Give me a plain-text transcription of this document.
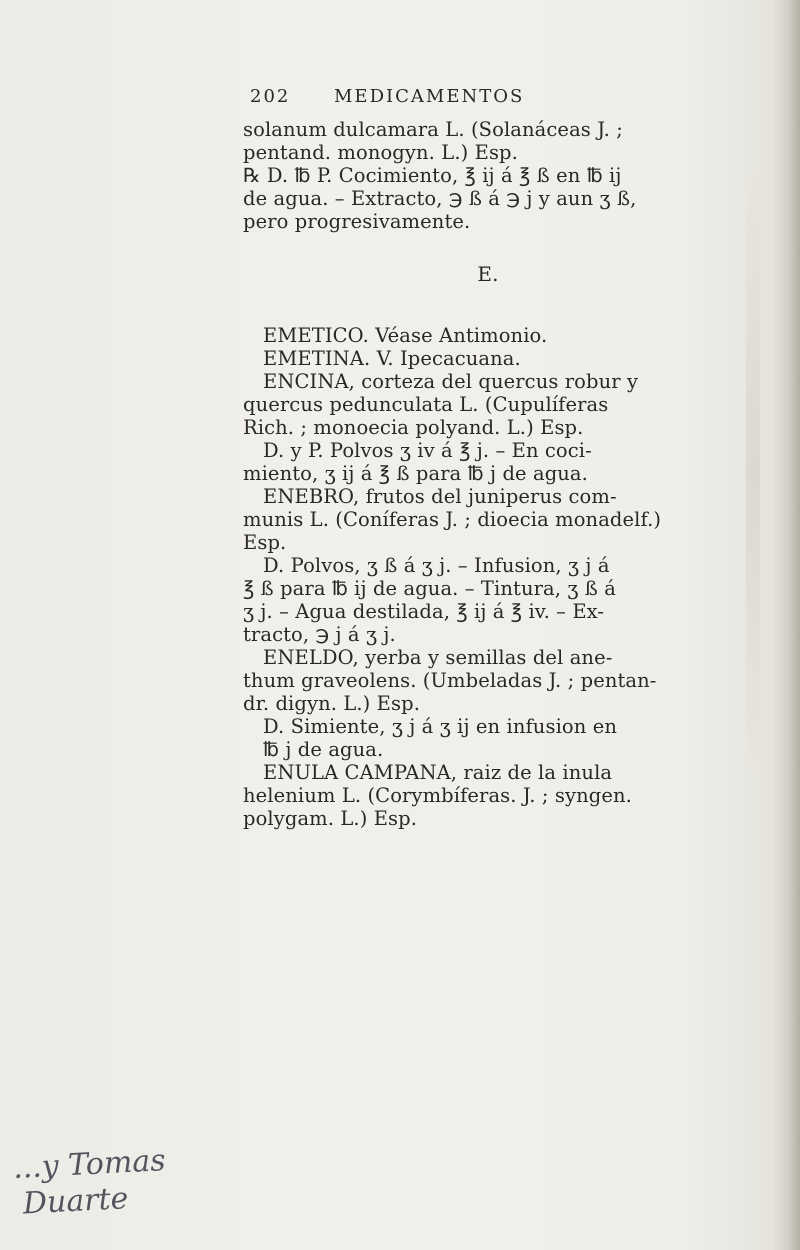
202 MEDICAMENTOS
solanum dulcamara L. (Solanáceas J. ;
pentand. monogyn. L.) Esp.
℞ D. ℔ P. Cocimiento, ℥ ij á ℥ ß en ℔ ij
de agua. – Extracto, ℈ ß á ℈ j y aun ʒ ß,
pero progresivamente.
E.
EMETICO. Véase Antimonio.
EMETINA. V. Ipecacuana.
ENCINA, corteza del quercus robur y
quercus pedunculata L. (Cupulíferas
Rich. ; monoecia polyand. L.) Esp.
D. y P. Polvos ʒ iv á ℥ j. – En coci-
miento, ʒ ij á ℥ ß para ℔ j de agua.
ENEBRO, frutos del juniperus com-
munis L. (Coníferas J. ; dioecia monadelf.)
Esp.
D. Polvos, ʒ ß á ʒ j. – Infusion, ʒ j á
℥ ß para ℔ ij de agua. – Tintura, ʒ ß á
ʒ j. – Agua destilada, ℥ ij á ℥ iv. – Ex-
tracto, ℈ j á ʒ j.
ENELDO, yerba y semillas del ane-
thum graveolens. (Umbeladas J. ; pentan-
dr. digyn. L.) Esp.
D. Simiente, ʒ j á ʒ ij en infusion en
℔ j de agua.
ENULA CAMPANA, raiz de la inula
helenium L. (Corymbíferas. J. ; syngen.
polygam. L.) Esp.
...y Tomas
Duarte
